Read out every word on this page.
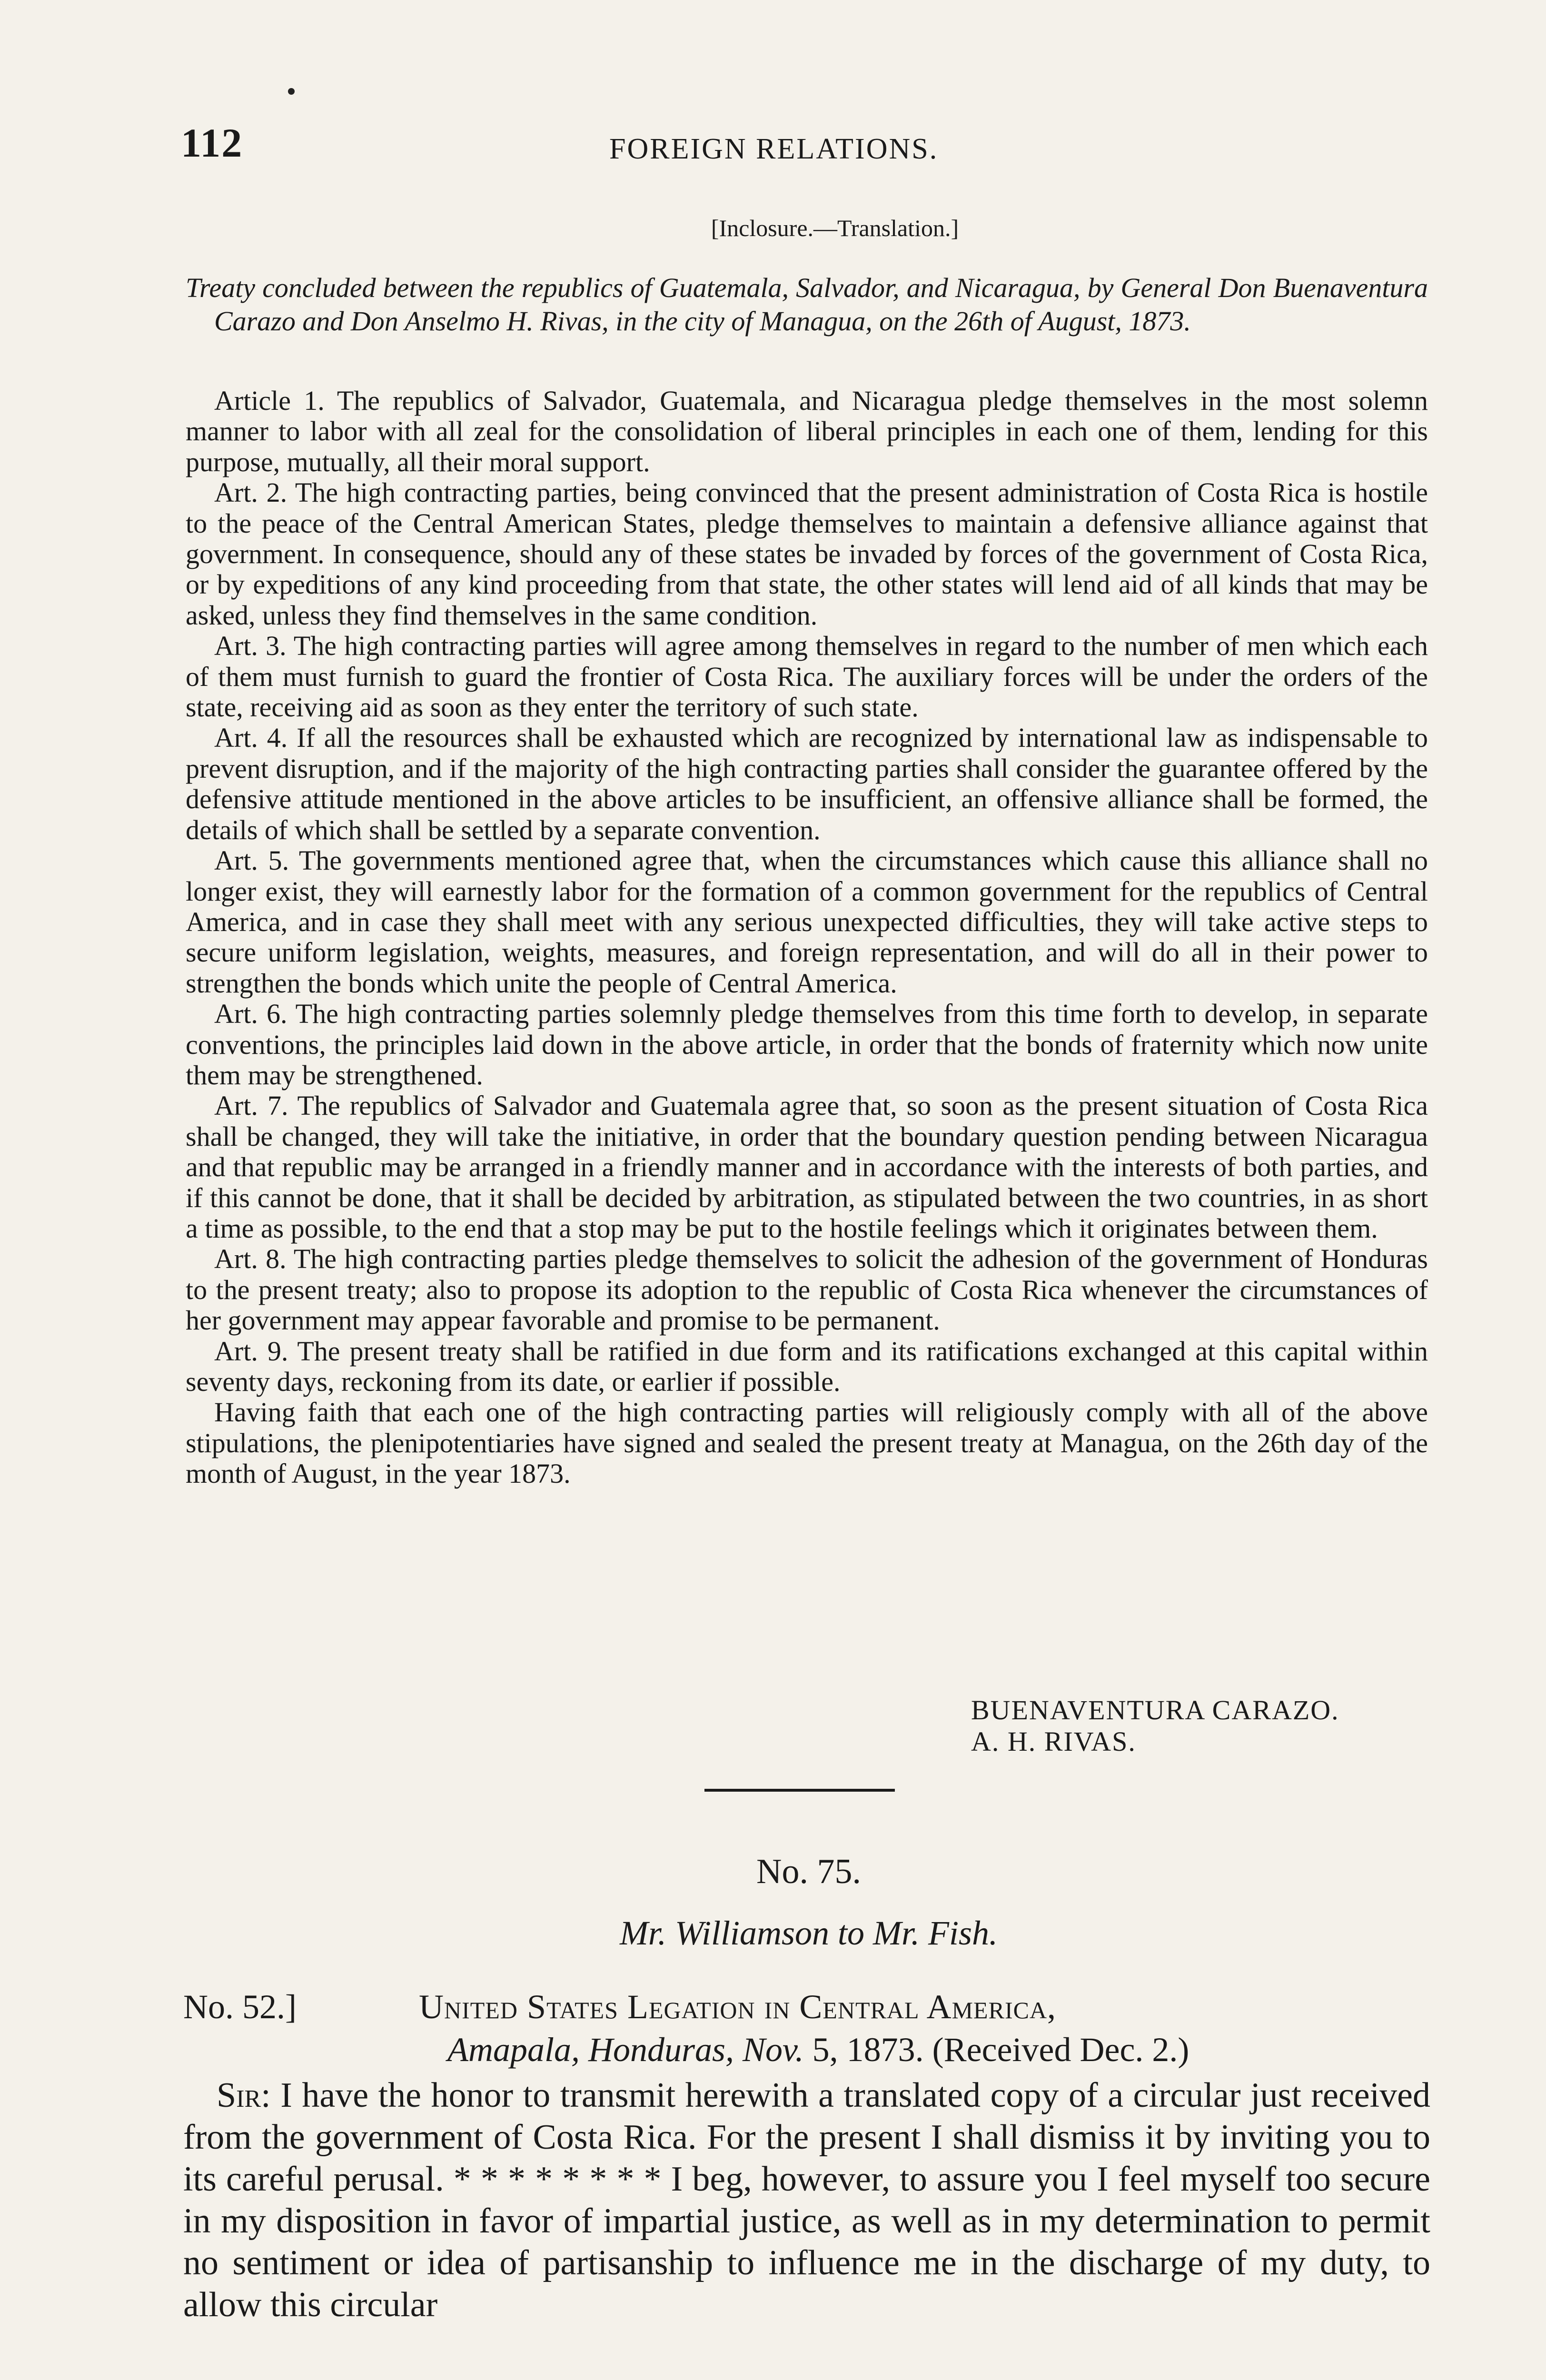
112	FOREIGN RELATIONS.
[Inclosure.—Translation.]
Treaty concluded between the republics of Guatemala, Salvador, and Nicaragua, by General Don Buenaventura Carazo and Don Anselmo H. Rivas, in the city of Managua, on the 26th of August, 1873.

Article 1. The republics of Salvador, Guatemala, and Nicaragua pledge themselves in the most solemn manner to labor with all zeal for the consolidation of liberal principles in each one of them, lending for this purpose, mutually, all their moral support.

Art. 2. The high contracting parties, being convinced that the present administration of Costa Rica is hostile to the peace of the Central American States, pledge themselves to maintain a defensive alliance against that government. In consequence, should any of these states be invaded by forces of the government of Costa Rica, or by expeditions of any kind proceeding from that state, the other states will lend aid of all kinds that may be asked, unless they find themselves in the same condition.

Art. 3. The high contracting parties will agree among themselves in regard to the number of men which each of them must furnish to guard the frontier of Costa Rica. The auxiliary forces will be under the orders of the state, receiving aid as soon as they enter the territory of such state.

Art. 4. If all the resources shall be exhausted which are recognized by international law as indispensable to prevent disruption, and if the majority of the high contracting parties shall consider the guarantee offered by the defensive attitude mentioned in the above articles to be insufficient, an offensive alliance shall be formed, the details of which shall be settled by a separate convention.

Art. 5. The governments mentioned agree that, when the circumstances which cause this alliance shall no longer exist, they will earnestly labor for the formation of a common government for the republics of Central America, and in case they shall meet with any serious unexpected difficulties, they will take active steps to secure uniform legislation, weights, measures, and foreign representation, and will do all in their power to strengthen the bonds which unite the people of Central America.

Art. 6. The high contracting parties solemnly pledge themselves from this time forth to develop, in separate conventions, the principles laid down in the above article, in order that the bonds of fraternity which now unite them may be strengthened.

Art. 7. The republics of Salvador and Guatemala agree that, so soon as the present situation of Costa Rica shall be changed, they will take the initiative, in order that the boundary question pending between Nicaragua and that republic may be arranged in a friendly manner and in accordance with the interests of both parties, and if this cannot be done, that it shall be decided by arbitration, as stipulated between the two countries, in as short a time as possible, to the end that a stop may be put to the hostile feelings which it originates between them.

Art. 8. The high contracting parties pledge themselves to solicit the adhesion of the government of Honduras to the present treaty; also to propose its adoption to the republic of Costa Rica whenever the circumstances of her government may appear favorable and promise to be permanent.

Art. 9. The present treaty shall be ratified in due form and its ratifications exchanged at this capital within seventy days, reckoning from its date, or earlier if possible.

Having faith that each one of the high contracting parties will religiously comply with all of the above stipulations, the plenipotentiaries have signed and sealed the present treaty at Managua, on the 26th day of the month of August, in the year 1873.

BUENAVENTURA CARAZO.
A. H. RIVAS.
No. 75.
Mr. Williamson to Mr. Fish.
No. 52.]	United States Legation in Central America,
Amapala, Honduras, Nov. 5, 1873. (Received Dec. 2.)

Sir: I have the honor to transmit herewith a translated copy of a circular just received from the government of Costa Rica. For the present I shall dismiss it by inviting you to its careful perusal. * * * * * * * * I beg, however, to assure you I feel myself too secure in my disposition in favor of impartial justice, as well as in my determination to permit no sentiment or idea of partisanship to influence me in the discharge of my duty, to allow this circular
